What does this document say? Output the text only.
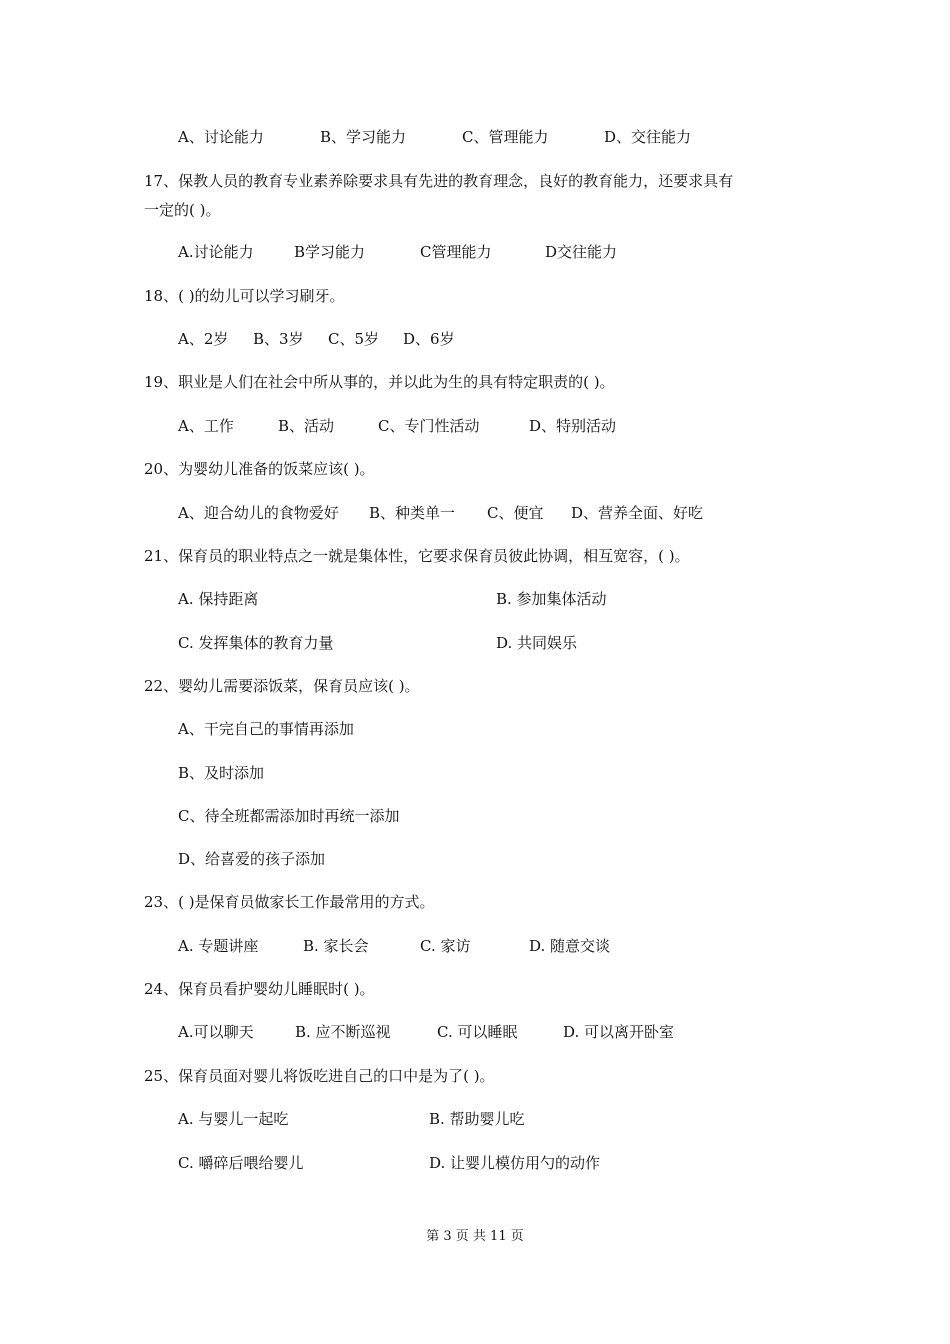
A、讨论能力	B、学习能力	C、管理能力	D、交往能力
17、保教人员的教育专业素养除要求具有先进的教育理念，良好的教育能力，还要求具有
一定的( )。
A.讨论能力	B学习能力	C管理能力	D交往能力
18、( )的幼儿可以学习刷牙。
A、2岁 B、3岁 C、5岁 D、6岁
19、职业是人们在社会中所从事的，并以此为生的具有特定职责的( )。
A、工作	B、活动	C、专门性活动	D、特别活动
20、为婴幼儿准备的饭菜应该( )。
A、迎合幼儿的食物爱好 B、种类单一 C、便宜 D、营养全面、好吃
21、保育员的职业特点之一就是集体性，它要求保育员彼此协调，相互宽容，( )。
A. 保持距离	B. 参加集体活动
C. 发挥集体的教育力量	D. 共同娱乐
22、婴幼儿需要添饭菜，保育员应该( )。
A、干完自己的事情再添加
B、及时添加
C、待全班都需添加时再统一添加
D、给喜爱的孩子添加
23、( )是保育员做家长工作最常用的方式。
A. 专题讲座	B. 家长会	C. 家访	D. 随意交谈
24、保育员看护婴幼儿睡眠时( )。
A.可以聊天	B. 应不断巡视	C. 可以睡眠	D. 可以离开卧室
25、保育员面对婴儿将饭吃进自己的口中是为了( )。
A. 与婴儿一起吃	B. 帮助婴儿吃
C. 嚼碎后喂给婴儿	D. 让婴儿模仿用勺的动作
第 3 页 共 11 页
